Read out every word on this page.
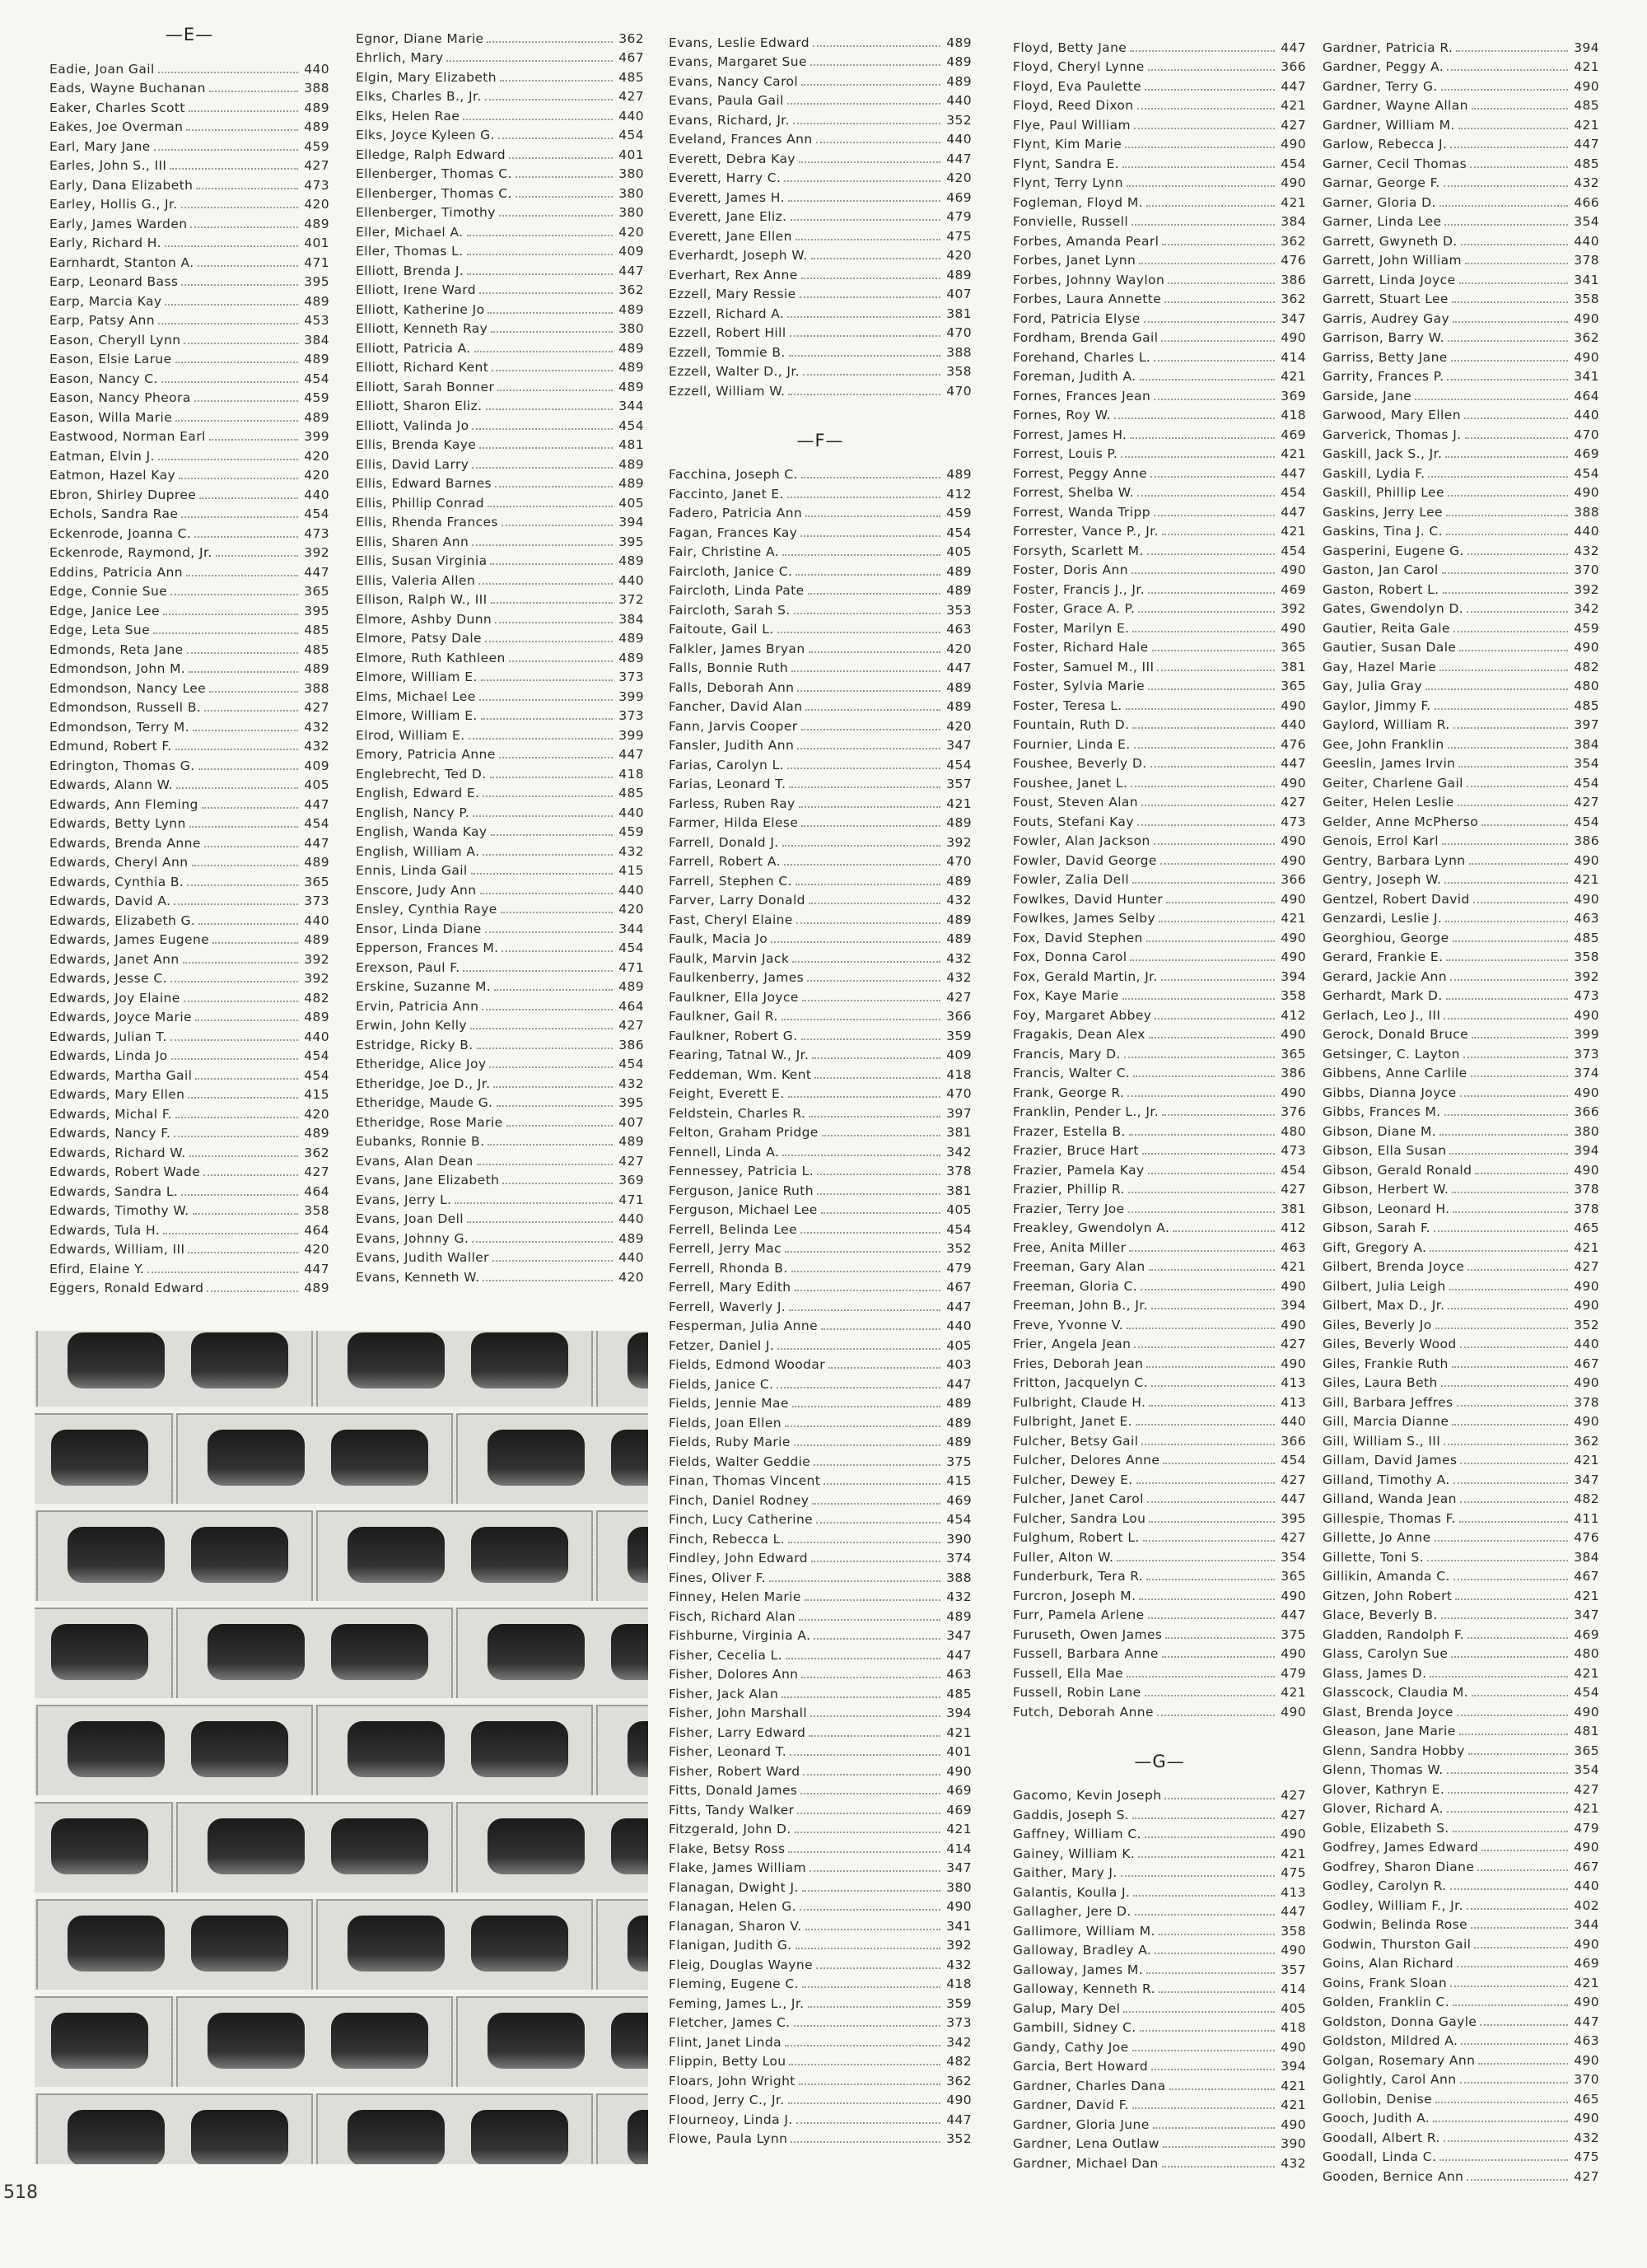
—E—
Eadie, Joan Gail	440
Eads, Wayne Buchanan	388
Eaker, Charles Scott	489
Eakes, Joe Overman	489
Earl, Mary Jane	459
Earles, John S., III	427
Early, Dana Elizabeth	473
Earley, Hollis G., Jr.	420
Early, James Warden	489
Early, Richard H.	401
Earnhardt, Stanton A.	471
Earp, Leonard Bass	395
Earp, Marcia Kay	489
Earp, Patsy Ann	453
Eason, Cheryll Lynn	384
Eason, Elsie Larue	489
Eason, Nancy C.	454
Eason, Nancy Pheora	459
Eason, Willa Marie	489
Eastwood, Norman Earl	399
Eatman, Elvin J.	420
Eatmon, Hazel Kay	420
Ebron, Shirley Dupree	440
Echols, Sandra Rae	454
Eckenrode, Joanna C.	473
Eckenrode, Raymond, Jr.	392
Eddins, Patricia Ann	447
Edge, Connie Sue	365
Edge, Janice Lee	395
Edge, Leta Sue	485
Edmonds, Reta Jane	485
Edmondson, John M.	489
Edmondson, Nancy Lee	388
Edmondson, Russell B.	427
Edmondson, Terry M.	432
Edmund, Robert F.	432
Edrington, Thomas G.	409
Edwards, Alann W.	405
Edwards, Ann Fleming	447
Edwards, Betty Lynn	454
Edwards, Brenda Anne	447
Edwards, Cheryl Ann	489
Edwards, Cynthia B.	365
Edwards, David A.	373
Edwards, Elizabeth G.	440
Edwards, James Eugene	489
Edwards, Janet Ann	392
Edwards, Jesse C.	392
Edwards, Joy Elaine	482
Edwards, Joyce Marie	489
Edwards, Julian T.	440
Edwards, Linda Jo	454
Edwards, Martha Gail	454
Edwards, Mary Ellen	415
Edwards, Michal F.	420
Edwards, Nancy F.	489
Edwards, Richard W.	362
Edwards, Robert Wade	427
Edwards, Sandra L.	464
Edwards, Timothy W.	358
Edwards, Tula H.	464
Edwards, William, III	420
Efird, Elaine Y.	447
Eggers, Ronald Edward	489
Egnor, Diane Marie	362
Ehrlich, Mary	467
Elgin, Mary Elizabeth	485
Elks, Charles B., Jr.	427
Elks, Helen Rae	440
Elks, Joyce Kyleen G.	454
Elledge, Ralph Edward	401
Ellenberger, Thomas C.	380
Ellenberger, Thomas C.	380
Ellenberger, Timothy	380
Eller, Michael A.	420
Eller, Thomas L.	409
Elliott, Brenda J.	447
Elliott, Irene Ward	362
Elliott, Katherine Jo	489
Elliott, Kenneth Ray	380
Elliott, Patricia A.	489
Elliott, Richard Kent	489
Elliott, Sarah Bonner	489
Elliott, Sharon Eliz.	344
Elliott, Valinda Jo	454
Ellis, Brenda Kaye	481
Ellis, David Larry	489
Ellis, Edward Barnes	489
Ellis, Phillip Conrad	405
Ellis, Rhenda Frances	394
Ellis, Sharen Ann	395
Ellis, Susan Virginia	489
Ellis, Valeria Allen	440
Ellison, Ralph W., III	372
Elmore, Ashby Dunn	384
Elmore, Patsy Dale	489
Elmore, Ruth Kathleen	489
Elmore, William E.	373
Elms, Michael Lee	399
Elmore, William E.	373
Elrod, William E.	399
Emory, Patricia Anne	447
Englebrecht, Ted D.	418
English, Edward E.	485
English, Nancy P.	440
English, Wanda Kay	459
English, William A.	432
Ennis, Linda Gail	415
Enscore, Judy Ann	440
Ensley, Cynthia Raye	420
Ensor, Linda Diane	344
Epperson, Frances M.	454
Erexson, Paul F.	471
Erskine, Suzanne M.	489
Ervin, Patricia Ann	464
Erwin, John Kelly	427
Estridge, Ricky B.	386
Etheridge, Alice Joy	454
Etheridge, Joe D., Jr.	432
Etheridge, Maude G.	395
Etheridge, Rose Marie	407
Eubanks, Ronnie B.	489
Evans, Alan Dean	427
Evans, Jane Elizabeth	369
Evans, Jerry L.	471
Evans, Joan Dell	440
Evans, Johnny G.	489
Evans, Judith Waller	440
Evans, Kenneth W.	420
Evans, Leslie Edward	489
Evans, Margaret Sue	489
Evans, Nancy Carol	489
Evans, Paula Gail	440
Evans, Richard, Jr.	352
Eveland, Frances Ann	440
Everett, Debra Kay	447
Everett, Harry C.	420
Everett, James H.	469
Everett, Jane Eliz.	479
Everett, Jane Ellen	475
Everhardt, Joseph W.	420
Everhart, Rex Anne	489
Ezzell, Mary Ressie	407
Ezzell, Richard A.	381
Ezzell, Robert Hill	470
Ezzell, Tommie B.	388
Ezzell, Walter D., Jr.	358
Ezzell, William W.	470
—F—
Facchina, Joseph C.	489
Faccinto, Janet E.	412
Fadero, Patricia Ann	459
Fagan, Frances Kay	454
Fair, Christine A.	405
Faircloth, Janice C.	489
Faircloth, Linda Pate	489
Faircloth, Sarah S.	353
Faitoute, Gail L.	463
Falkler, James Bryan	420
Falls, Bonnie Ruth	447
Falls, Deborah Ann	489
Fancher, David Alan	489
Fann, Jarvis Cooper	420
Fansler, Judith Ann	347
Farias, Carolyn L.	454
Farias, Leonard T.	357
Farless, Ruben Ray	421
Farmer, Hilda Elese	489
Farrell, Donald J.	392
Farrell, Robert A.	470
Farrell, Stephen C.	489
Farver, Larry Donald	432
Fast, Cheryl Elaine	489
Faulk, Macia Jo	489
Faulk, Marvin Jack	432
Faulkenberry, James	432
Faulkner, Ella Joyce	427
Faulkner, Gail R.	366
Faulkner, Robert G.	359
Fearing, Tatnal W., Jr.	409
Feddeman, Wm. Kent	418
Feight, Everett E.	470
Feldstein, Charles R.	397
Felton, Graham Pridge	381
Fennell, Linda A.	342
Fennessey, Patricia L.	378
Ferguson, Janice Ruth	381
Ferguson, Michael Lee	405
Ferrell, Belinda Lee	454
Ferrell, Jerry Mac	352
Ferrell, Rhonda B.	479
Ferrell, Mary Edith	467
Ferrell, Waverly J.	447
Fesperman, Julia Anne	440
Fetzer, Daniel J.	405
Fields, Edmond Woodar	403
Fields, Janice C.	447
Fields, Jennie Mae	489
Fields, Joan Ellen	489
Fields, Ruby Marie	489
Fields, Walter Geddie	375
Finan, Thomas Vincent	415
Finch, Daniel Rodney	469
Finch, Lucy Catherine	454
Finch, Rebecca L.	390
Findley, John Edward	374
Fines, Oliver F.	388
Finney, Helen Marie	432
Fisch, Richard Alan	489
Fishburne, Virginia A.	347
Fisher, Cecelia L.	447
Fisher, Dolores Ann	463
Fisher, Jack Alan	485
Fisher, John Marshall	394
Fisher, Larry Edward	421
Fisher, Leonard T.	401
Fisher, Robert Ward	490
Fitts, Donald James	469
Fitts, Tandy Walker	469
Fitzgerald, John D.	421
Flake, Betsy Ross	414
Flake, James William	347
Flanagan, Dwight J.	380
Flanagan, Helen G.	490
Flanagan, Sharon V.	341
Flanigan, Judith G.	392
Fleig, Douglas Wayne	432
Fleming, Eugene C.	418
Feming, James L., Jr.	359
Fletcher, James C.	373
Flint, Janet Linda	342
Flippin, Betty Lou	482
Floars, John Wright	362
Flood, Jerry C., Jr.	490
Flourneoy, Linda J.	447
Flowe, Paula Lynn	352
Floyd, Betty Jane	447
Floyd, Cheryl Lynne	366
Floyd, Eva Paulette	447
Floyd, Reed Dixon	421
Flye, Paul William	427
Flynt, Kim Marie	490
Flynt, Sandra E.	454
Flynt, Terry Lynn	490
Fogleman, Floyd M.	421
Fonvielle, Russell	384
Forbes, Amanda Pearl	362
Forbes, Janet Lynn	476
Forbes, Johnny Waylon	386
Forbes, Laura Annette	362
Ford, Patricia Elyse	347
Fordham, Brenda Gail	490
Forehand, Charles L.	414
Foreman, Judith A.	421
Fornes, Frances Jean	369
Fornes, Roy W.	418
Forrest, James H.	469
Forrest, Louis P.	421
Forrest, Peggy Anne	447
Forrest, Shelba W.	454
Forrest, Wanda Tripp	447
Forrester, Vance P., Jr.	421
Forsyth, Scarlett M.	454
Foster, Doris Ann	490
Foster, Francis J., Jr.	469
Foster, Grace A. P.	392
Foster, Marilyn E.	490
Foster, Richard Hale	365
Foster, Samuel M., III	381
Foster, Sylvia Marie	365
Foster, Teresa L.	490
Fountain, Ruth D.	440
Fournier, Linda E.	476
Foushee, Beverly D.	447
Foushee, Janet L.	490
Foust, Steven Alan	427
Fouts, Stefani Kay	473
Fowler, Alan Jackson	490
Fowler, David George	490
Fowler, Zalia Dell	366
Fowlkes, David Hunter	490
Fowlkes, James Selby	421
Fox, David Stephen	490
Fox, Donna Carol	490
Fox, Gerald Martin, Jr.	394
Fox, Kaye Marie	358
Foy, Margaret Abbey	412
Fragakis, Dean Alex	490
Francis, Mary D.	365
Francis, Walter C.	386
Frank, George R.	490
Franklin, Pender L., Jr.	376
Frazer, Estella B.	480
Frazier, Bruce Hart	473
Frazier, Pamela Kay	454
Frazier, Phillip R.	427
Frazier, Terry Joe	381
Freakley, Gwendolyn A.	412
Free, Anita Miller	463
Freeman, Gary Alan	421
Freeman, Gloria C.	490
Freeman, John B., Jr.	394
Freve, Yvonne V.	490
Frier, Angela Jean	427
Fries, Deborah Jean	490
Fritton, Jacquelyn C.	413
Fulbright, Claude H.	413
Fulbright, Janet E.	440
Fulcher, Betsy Gail	366
Fulcher, Delores Anne	454
Fulcher, Dewey E.	427
Fulcher, Janet Carol	447
Fulcher, Sandra Lou	395
Fulghum, Robert L.	427
Fuller, Alton W.	354
Funderburk, Tera R.	365
Furcron, Joseph M.	490
Furr, Pamela Arlene	447
Furuseth, Owen James	375
Fussell, Barbara Anne	490
Fussell, Ella Mae	479
Fussell, Robin Lane	421
Futch, Deborah Anne	490
—G—
Gacomo, Kevin Joseph	427
Gaddis, Joseph S.	427
Gaffney, William C.	490
Gainey, William K.	421
Gaither, Mary J.	475
Galantis, Koulla J.	413
Gallagher, Jere D.	447
Gallimore, William M.	358
Galloway, Bradley A.	490
Galloway, James M.	357
Galloway, Kenneth R.	414
Galup, Mary Del	405
Gambill, Sidney C.	418
Gandy, Cathy Joe	490
Garcia, Bert Howard	394
Gardner, Charles Dana	421
Gardner, David F.	421
Gardner, Gloria June	490
Gardner, Lena Outlaw	390
Gardner, Michael Dan	432
Gardner, Patricia R.	394
Gardner, Peggy A.	421
Gardner, Terry G.	490
Gardner, Wayne Allan	485
Gardner, William M.	421
Garlow, Rebecca J.	447
Garner, Cecil Thomas	485
Garnar, George F.	432
Garner, Gloria D.	466
Garner, Linda Lee	354
Garrett, Gwyneth D.	440
Garrett, John William	378
Garrett, Linda Joyce	341
Garrett, Stuart Lee	358
Garris, Audrey Gay	490
Garrison, Barry W.	362
Garriss, Betty Jane	490
Garrity, Frances P.	341
Garside, Jane	464
Garwood, Mary Ellen	440
Garverick, Thomas J.	470
Gaskill, Jack S., Jr.	469
Gaskill, Lydia F.	454
Gaskill, Phillip Lee	490
Gaskins, Jerry Lee	388
Gaskins, Tina J. C.	440
Gasperini, Eugene G.	432
Gaston, Jan Carol	370
Gaston, Robert L.	392
Gates, Gwendolyn D.	342
Gautier, Reita Gale	459
Gautier, Susan Dale	490
Gay, Hazel Marie	482
Gay, Julia Gray	480
Gaylor, Jimmy F.	485
Gaylord, William R.	397
Gee, John Franklin	384
Geeslin, James Irvin	354
Geiter, Charlene Gail	454
Geiter, Helen Leslie	427
Gelder, Anne McPherso	454
Genois, Errol Karl	386
Gentry, Barbara Lynn	490
Gentry, Joseph W.	421
Gentzel, Robert David	490
Genzardi, Leslie J.	463
Georghiou, George	485
Gerard, Frankie E.	358
Gerard, Jackie Ann	392
Gerhardt, Mark D.	473
Gerlach, Leo J., III	490
Gerock, Donald Bruce	399
Getsinger, C. Layton	373
Gibbens, Anne Carlile	374
Gibbs, Dianna Joyce	490
Gibbs, Frances M.	366
Gibson, Diane M.	380
Gibson, Ella Susan	394
Gibson, Gerald Ronald	490
Gibson, Herbert W.	378
Gibson, Leonard H.	378
Gibson, Sarah F.	465
Gift, Gregory A.	421
Gilbert, Brenda Joyce	427
Gilbert, Julia Leigh	490
Gilbert, Max D., Jr.	490
Giles, Beverly Jo	352
Giles, Beverly Wood	440
Giles, Frankie Ruth	467
Giles, Laura Beth	490
Gill, Barbara Jeffres	378
Gill, Marcia Dianne	490
Gill, William S., III	362
Gillam, David James	421
Gilland, Timothy A.	347
Gilland, Wanda Jean	482
Gillespie, Thomas F.	411
Gillette, Jo Anne	476
Gillette, Toni S.	384
Gillikin, Amanda C.	467
Gitzen, John Robert	421
Glace, Beverly B.	347
Gladden, Randolph F.	469
Glass, Carolyn Sue	480
Glass, James D.	421
Glasscock, Claudia M.	454
Glast, Brenda Joyce	490
Gleason, Jane Marie	481
Glenn, Sandra Hobby	365
Glenn, Thomas W.	354
Glover, Kathryn E.	427
Glover, Richard A.	421
Goble, Elizabeth S.	479
Godfrey, James Edward	490
Godfrey, Sharon Diane	467
Godley, Carolyn R.	440
Godley, William F., Jr.	402
Godwin, Belinda Rose	344
Godwin, Thurston Gail	490
Goins, Alan Richard	469
Goins, Frank Sloan	421
Golden, Franklin C.	490
Goldston, Donna Gayle	447
Goldston, Mildred A.	463
Golgan, Rosemary Ann	490
Golightly, Carol Ann	370
Gollobin, Denise	465
Gooch, Judith A.	490
Goodall, Albert R.	432
Goodall, Linda C.	475
Gooden, Bernice Ann	427
518
